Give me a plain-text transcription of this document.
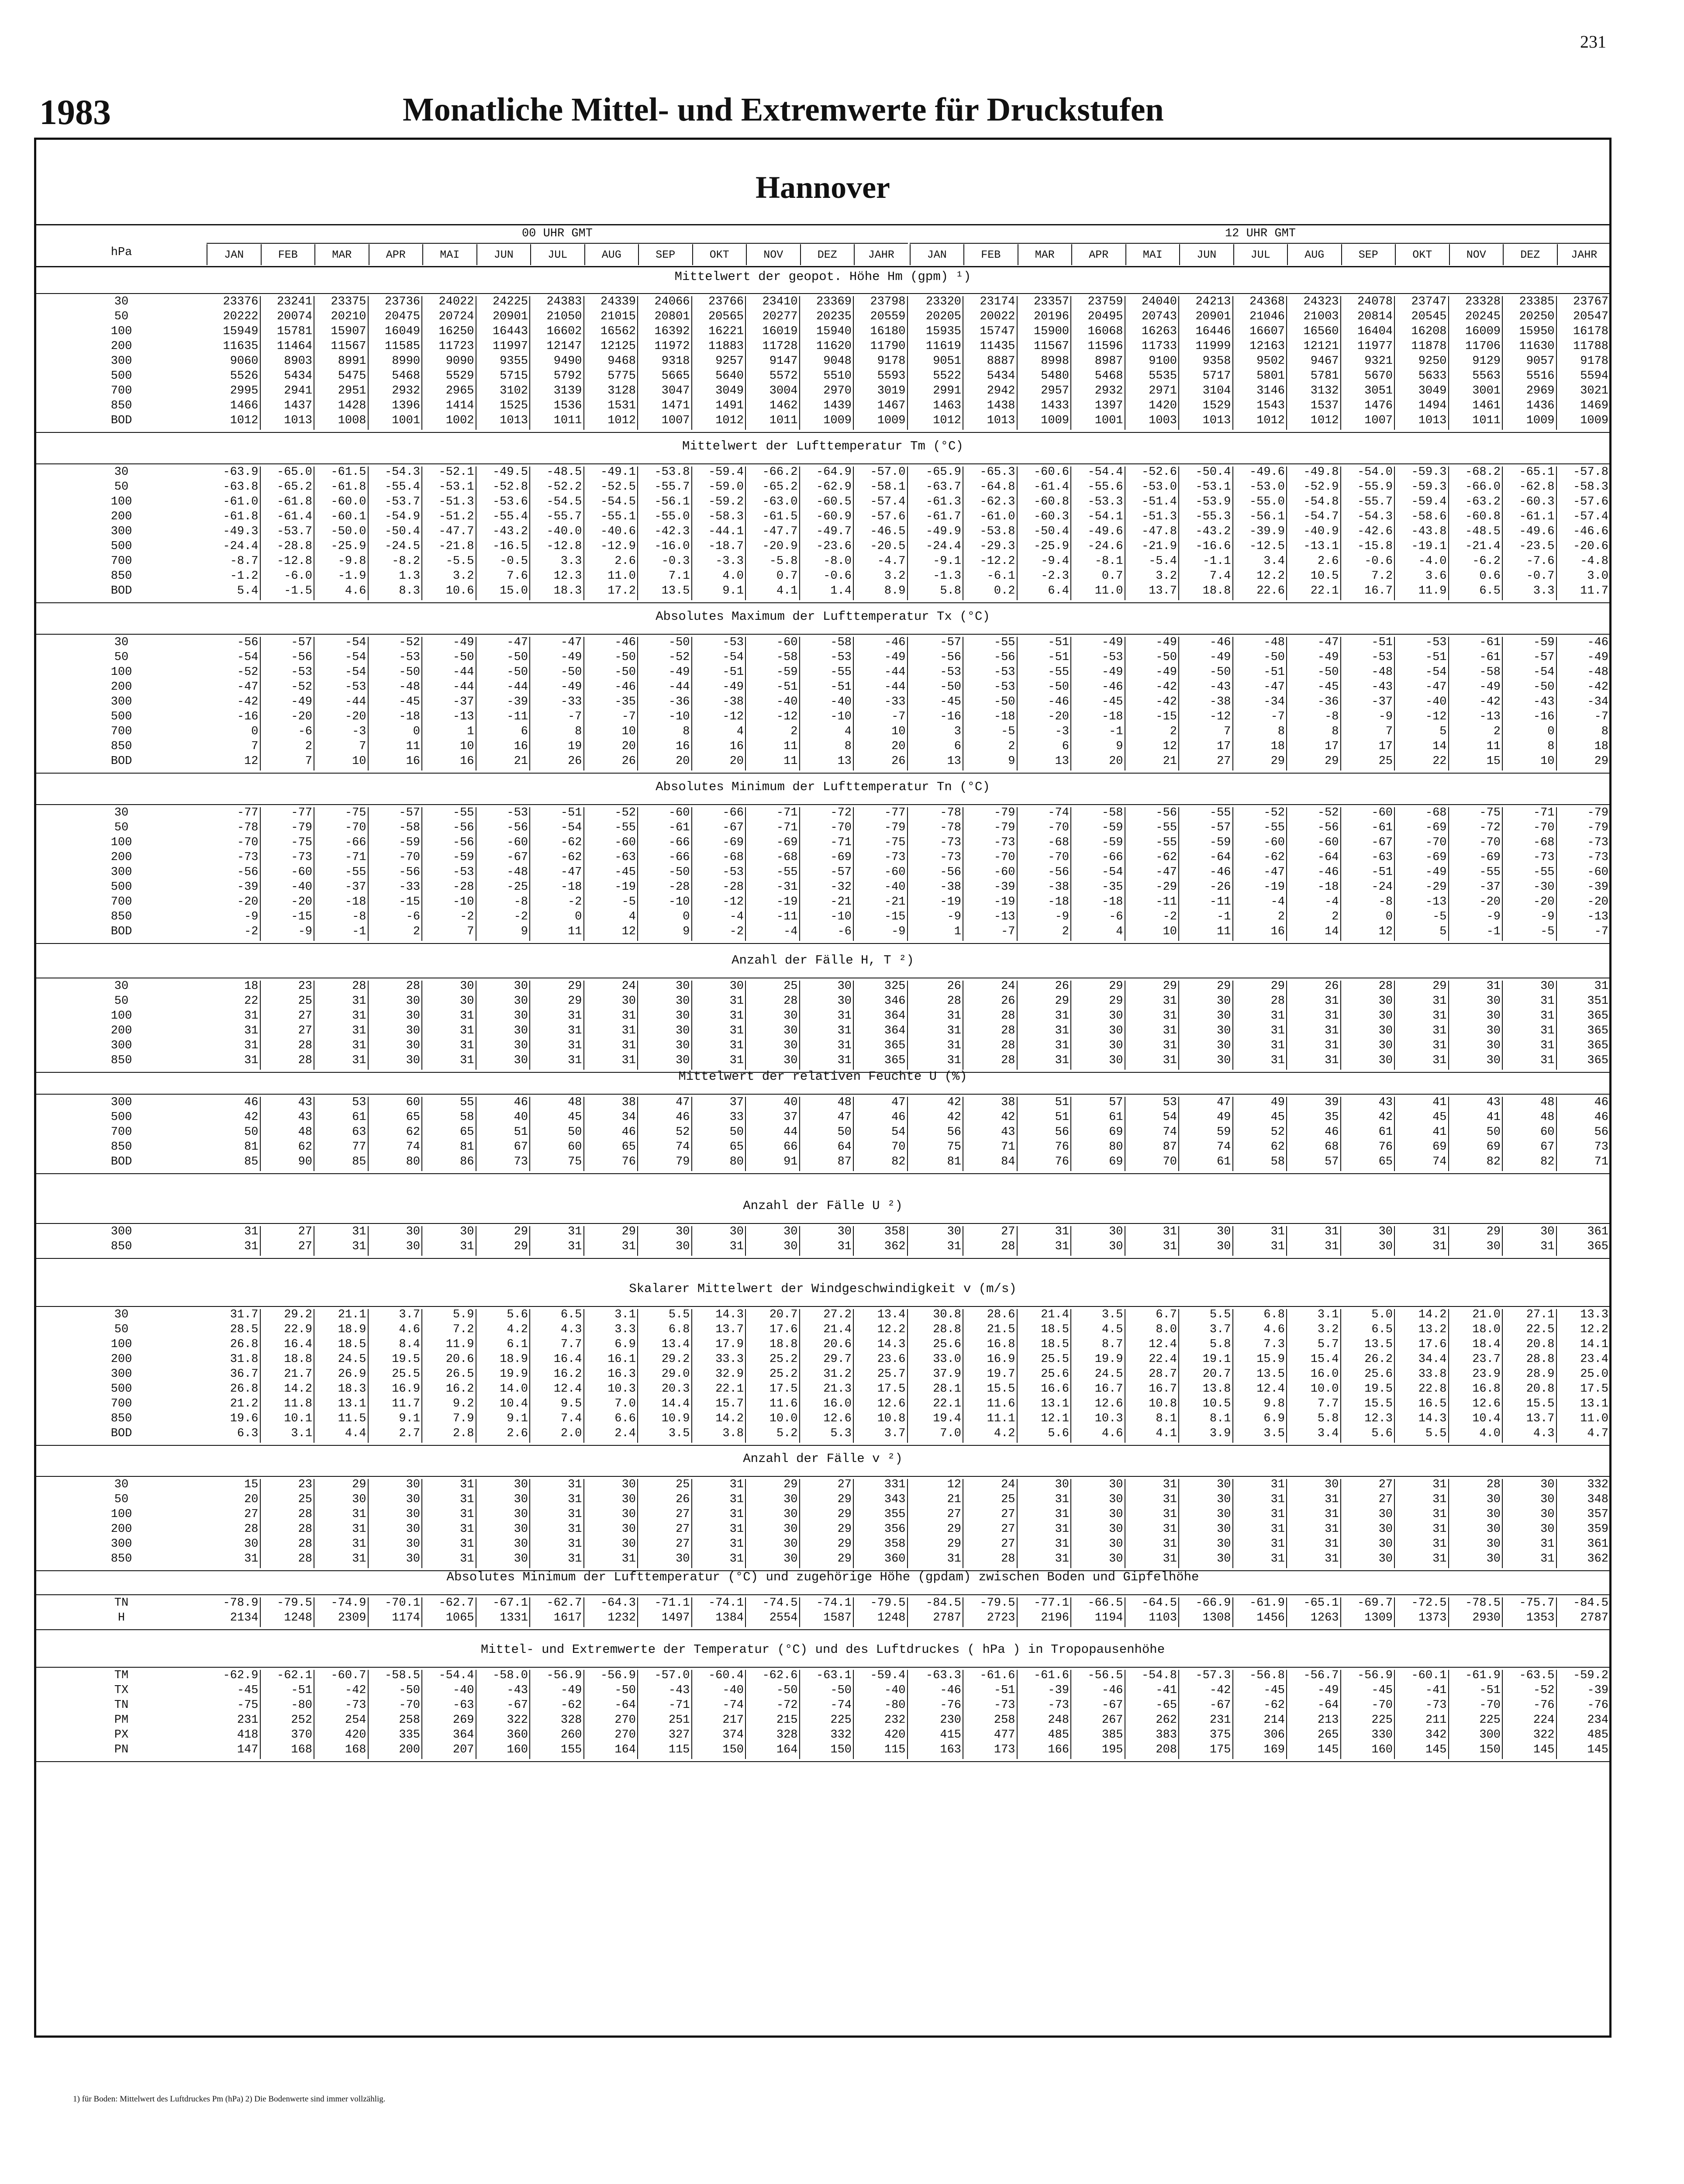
231
1983	Monatliche Mittel- und Extremwerte für Druckstufen
Hannover
hPa
00 UHR GMT	12 UHR GMT
JAN	FEB	MAR	APR	MAI	JUN	JUL	AUG	SEP	OKT	NOV	DEZ	JAHR	JAN	FEB	MAR	APR	MAI	JUN	JUL	AUG	SEP	OKT	NOV	DEZ	JAHR
Mittelwert der geopot. Höhe Hm (gpm) ¹)
30	23376	23241	23375	23736	24022	24225	24383	24339	24066	23766	23410	23369	23798	23320	23174	23357	23759	24040	24213	24368	24323	24078	23747	23328	23385	23767
50	20222	20074	20210	20475	20724	20901	21050	21015	20801	20565	20277	20235	20559	20205	20022	20196	20495	20743	20901	21046	21003	20814	20545	20245	20250	20547
100	15949	15781	15907	16049	16250	16443	16602	16562	16392	16221	16019	15940	16180	15935	15747	15900	16068	16263	16446	16607	16560	16404	16208	16009	15950	16178
200	11635	11464	11567	11585	11723	11997	12147	12125	11972	11883	11728	11620	11790	11619	11435	11567	11596	11733	11999	12163	12121	11977	11878	11706	11630	11788
300	9060	8903	8991	8990	9090	9355	9490	9468	9318	9257	9147	9048	9178	9051	8887	8998	8987	9100	9358	9502	9467	9321	9250	9129	9057	9178
500	5526	5434	5475	5468	5529	5715	5792	5775	5665	5640	5572	5510	5593	5522	5434	5480	5468	5535	5717	5801	5781	5670	5633	5563	5516	5594
700	2995	2941	2951	2932	2965	3102	3139	3128	3047	3049	3004	2970	3019	2991	2942	2957	2932	2971	3104	3146	3132	3051	3049	3001	2969	3021
850	1466	1437	1428	1396	1414	1525	1536	1531	1471	1491	1462	1439	1467	1463	1438	1433	1397	1420	1529	1543	1537	1476	1494	1461	1436	1469
BOD	1012	1013	1008	1001	1002	1013	1011	1012	1007	1012	1011	1009	1009	1012	1013	1009	1001	1003	1013	1012	1012	1007	1013	1011	1009	1009
Mittelwert der Lufttemperatur Tm (°C)
30	-63.9	-65.0	-61.5	-54.3	-52.1	-49.5	-48.5	-49.1	-53.8	-59.4	-66.2	-64.9	-57.0	-65.9	-65.3	-60.6	-54.4	-52.6	-50.4	-49.6	-49.8	-54.0	-59.3	-68.2	-65.1	-57.8
50	-63.8	-65.2	-61.8	-55.4	-53.1	-52.8	-52.2	-52.5	-55.7	-59.0	-65.2	-62.9	-58.1	-63.7	-64.8	-61.4	-55.6	-53.0	-53.1	-53.0	-52.9	-55.9	-59.3	-66.0	-62.8	-58.3
100	-61.0	-61.8	-60.0	-53.7	-51.3	-53.6	-54.5	-54.5	-56.1	-59.2	-63.0	-60.5	-57.4	-61.3	-62.3	-60.8	-53.3	-51.4	-53.9	-55.0	-54.8	-55.7	-59.4	-63.2	-60.3	-57.6
200	-61.8	-61.4	-60.1	-54.9	-51.2	-55.4	-55.7	-55.1	-55.0	-58.3	-61.5	-60.9	-57.6	-61.7	-61.0	-60.3	-54.1	-51.3	-55.3	-56.1	-54.7	-54.3	-58.6	-60.8	-61.1	-57.4
300	-49.3	-53.7	-50.0	-50.4	-47.7	-43.2	-40.0	-40.6	-42.3	-44.1	-47.7	-49.7	-46.5	-49.9	-53.8	-50.4	-49.6	-47.8	-43.2	-39.9	-40.9	-42.6	-43.8	-48.5	-49.6	-46.6
500	-24.4	-28.8	-25.9	-24.5	-21.8	-16.5	-12.8	-12.9	-16.0	-18.7	-20.9	-23.6	-20.5	-24.4	-29.3	-25.9	-24.6	-21.9	-16.6	-12.5	-13.1	-15.8	-19.1	-21.4	-23.5	-20.6
700	-8.7	-12.8	-9.8	-8.2	-5.5	-0.5	3.3	2.6	-0.3	-3.3	-5.8	-8.0	-4.7	-9.1	-12.2	-9.4	-8.1	-5.4	-1.1	3.4	2.6	-0.6	-4.0	-6.2	-7.6	-4.8
850	-1.2	-6.0	-1.9	1.3	3.2	7.6	12.3	11.0	7.1	4.0	0.7	-0.6	3.2	-1.3	-6.1	-2.3	0.7	3.2	7.4	12.2	10.5	7.2	3.6	0.6	-0.7	3.0
BOD	5.4	-1.5	4.6	8.3	10.6	15.0	18.3	17.2	13.5	9.1	4.1	1.4	8.9	5.8	0.2	6.4	11.0	13.7	18.8	22.6	22.1	16.7	11.9	6.5	3.3	11.7
Absolutes Maximum der Lufttemperatur Tx (°C)
30	-56	-57	-54	-52	-49	-47	-47	-46	-50	-53	-60	-58	-46	-57	-55	-51	-49	-49	-46	-48	-47	-51	-53	-61	-59	-46
50	-54	-56	-54	-53	-50	-50	-49	-50	-52	-54	-58	-53	-49	-56	-56	-51	-53	-50	-49	-50	-49	-53	-51	-61	-57	-49
100	-52	-53	-54	-50	-44	-50	-50	-50	-49	-51	-59	-55	-44	-53	-53	-55	-49	-49	-50	-51	-50	-48	-54	-58	-54	-48
200	-47	-52	-53	-48	-44	-44	-49	-46	-44	-49	-51	-51	-44	-50	-53	-50	-46	-42	-43	-47	-45	-43	-47	-49	-50	-42
300	-42	-49	-44	-45	-37	-39	-33	-35	-36	-38	-40	-40	-33	-45	-50	-46	-45	-42	-38	-34	-36	-37	-40	-42	-43	-34
500	-16	-20	-20	-18	-13	-11	-7	-7	-10	-12	-12	-10	-7	-16	-18	-20	-18	-15	-12	-7	-8	-9	-12	-13	-16	-7
700	0	-6	-3	0	1	6	8	10	8	4	2	4	10	3	-5	-3	-1	2	7	8	8	7	5	2	0	8
850	7	2	7	11	10	16	19	20	16	16	11	8	20	6	2	6	9	12	17	18	17	17	14	11	8	18
BOD	12	7	10	16	16	21	26	26	20	20	11	13	26	13	9	13	20	21	27	29	29	25	22	15	10	29
Absolutes Minimum der Lufttemperatur Tn (°C)
30	-77	-77	-75	-57	-55	-53	-51	-52	-60	-66	-71	-72	-77	-78	-79	-74	-58	-56	-55	-52	-52	-60	-68	-75	-71	-79
50	-78	-79	-70	-58	-56	-56	-54	-55	-61	-67	-71	-70	-79	-78	-79	-70	-59	-55	-57	-55	-56	-61	-69	-72	-70	-79
100	-70	-75	-66	-59	-56	-60	-62	-60	-66	-69	-69	-71	-75	-73	-73	-68	-59	-55	-59	-60	-60	-67	-70	-70	-68	-73
200	-73	-73	-71	-70	-59	-67	-62	-63	-66	-68	-68	-69	-73	-73	-70	-70	-66	-62	-64	-62	-64	-63	-69	-69	-73	-73
300	-56	-60	-55	-56	-53	-48	-47	-45	-50	-53	-55	-57	-60	-56	-60	-56	-54	-47	-46	-47	-46	-51	-49	-55	-55	-60
500	-39	-40	-37	-33	-28	-25	-18	-19	-28	-28	-31	-32	-40	-38	-39	-38	-35	-29	-26	-19	-18	-24	-29	-37	-30	-39
700	-20	-20	-18	-15	-10	-8	-2	-5	-10	-12	-19	-21	-21	-19	-19	-18	-18	-11	-11	-4	-4	-8	-13	-20	-20	-20
850	-9	-15	-8	-6	-2	-2	0	4	0	-4	-11	-10	-15	-9	-13	-9	-6	-2	-1	2	2	0	-5	-9	-9	-13
BOD	-2	-9	-1	2	7	9	11	12	9	-2	-4	-6	-9	1	-7	2	4	10	11	16	14	12	5	-1	-5	-7
Anzahl der Fälle H, T ²)
30	18	23	28	28	30	30	29	24	30	30	25	30	325	26	24	26	29	29	29	29	26	28	29	31	30	31
50	22	25	31	30	30	30	29	30	30	31	28	30	346	28	26	29	29	31	30	28	31	30	31	30	31	351
100	31	27	31	30	31	30	31	31	30	31	30	31	364	31	28	31	30	31	30	31	31	30	31	30	31	365
200	31	27	31	30	31	30	31	31	30	31	30	31	364	31	28	31	30	31	30	31	31	30	31	30	31	365
300	31	28	31	30	31	30	31	31	30	31	30	31	365	31	28	31	30	31	30	31	31	30	31	30	31	365
850	31	28	31	30	31	30	31	31	30	31	30	31	365	31	28	31	30	31	30	31	31	30	31	30	31	365
Mittelwert der relativen Feuchte U (%)
300	46	43	53	60	55	46	48	38	47	37	40	48	47	42	38	51	57	53	47	49	39	43	41	43	48	46
500	42	43	61	65	58	40	45	34	46	33	37	47	46	42	42	51	61	54	49	45	35	42	45	41	48	46
700	50	48	63	62	65	51	50	46	52	50	44	50	54	56	43	56	69	74	59	52	46	61	41	50	60	56
850	81	62	77	74	81	67	60	65	74	65	66	64	70	75	71	76	80	87	74	62	68	76	69	69	67	73
BOD	85	90	85	80	86	73	75	76	79	80	91	87	82	81	84	76	69	70	61	58	57	65	74	82	82	71
Anzahl der Fälle U ²)
300	31	27	31	30	30	29	31	29	30	30	30	30	358	30	27	31	30	31	30	31	31	30	31	29	30	361
850	31	27	31	30	31	29	31	31	30	31	30	31	362	31	28	31	30	31	30	31	31	30	31	30	31	365
Skalarer Mittelwert der Windgeschwindigkeit v (m/s)
30	31.7	29.2	21.1	3.7	5.9	5.6	6.5	3.1	5.5	14.3	20.7	27.2	13.4	30.8	28.6	21.4	3.5	6.7	5.5	6.8	3.1	5.0	14.2	21.0	27.1	13.3
50	28.5	22.9	18.9	4.6	7.2	4.2	4.3	3.3	6.8	13.7	17.6	21.4	12.2	28.8	21.5	18.5	4.5	8.0	3.7	4.6	3.2	6.5	13.2	18.0	22.5	12.2
100	26.8	16.4	18.5	8.4	11.9	6.1	7.7	6.9	13.4	17.9	18.8	20.6	14.3	25.6	16.8	18.5	8.7	12.4	5.8	7.3	5.7	13.5	17.6	18.4	20.8	14.1
200	31.8	18.8	24.5	19.5	20.6	18.9	16.4	16.1	29.2	33.3	25.2	29.7	23.6	33.0	16.9	25.5	19.9	22.4	19.1	15.9	15.4	26.2	34.4	23.7	28.8	23.4
300	36.7	21.7	26.9	25.5	26.5	19.9	16.2	16.3	29.0	32.9	25.2	31.2	25.7	37.9	19.7	25.6	24.5	28.7	20.7	13.5	16.0	25.6	33.8	23.9	28.9	25.0
500	26.8	14.2	18.3	16.9	16.2	14.0	12.4	10.3	20.3	22.1	17.5	21.3	17.5	28.1	15.5	16.6	16.7	16.7	13.8	12.4	10.0	19.5	22.8	16.8	20.8	17.5
700	21.2	11.8	13.1	11.7	9.2	10.4	9.5	7.0	14.4	15.7	11.6	16.0	12.6	22.1	11.6	13.1	12.6	10.8	10.5	9.8	7.7	15.5	16.5	12.6	15.5	13.1
850	19.6	10.1	11.5	9.1	7.9	9.1	7.4	6.6	10.9	14.2	10.0	12.6	10.8	19.4	11.1	12.1	10.3	8.1	8.1	6.9	5.8	12.3	14.3	10.4	13.7	11.0
BOD	6.3	3.1	4.4	2.7	2.8	2.6	2.0	2.4	3.5	3.8	5.2	5.3	3.7	7.0	4.2	5.6	4.6	4.1	3.9	3.5	3.4	5.6	5.5	4.0	4.3	4.7
Anzahl der Fälle v ²)
30	15	23	29	30	31	30	31	30	25	31	29	27	331	12	24	30	30	31	30	31	30	27	31	28	30	332
50	20	25	30	30	31	30	31	30	26	31	30	29	343	21	25	31	30	31	30	31	31	27	31	30	30	348
100	27	28	31	30	31	30	31	30	27	31	30	29	355	27	27	31	30	31	30	31	31	30	31	30	30	357
200	28	28	31	30	31	30	31	30	27	31	30	29	356	29	27	31	30	31	30	31	31	30	31	30	30	359
300	30	28	31	30	31	30	31	30	27	31	30	29	358	29	27	31	30	31	30	31	31	30	31	30	31	361
850	31	28	31	30	31	30	31	31	30	31	30	29	360	31	28	31	30	31	30	31	31	30	31	30	31	362
Absolutes Minimum der Lufttemperatur (°C) und zugehörige Höhe (gpdam) zwischen Boden und Gipfelhöhe
TN	-78.9	-79.5	-74.9	-70.1	-62.7	-67.1	-62.7	-64.3	-71.1	-74.1	-74.5	-74.1	-79.5	-84.5	-79.5	-77.1	-66.5	-64.5	-66.9	-61.9	-65.1	-69.7	-72.5	-78.5	-75.7	-84.5
H	2134	1248	2309	1174	1065	1331	1617	1232	1497	1384	2554	1587	1248	2787	2723	2196	1194	1103	1308	1456	1263	1309	1373	2930	1353	2787
Mittel- und Extremwerte der Temperatur (°C) und des Luftdruckes ( hPa ) in Tropopausenhöhe
TM	-62.9	-62.1	-60.7	-58.5	-54.4	-58.0	-56.9	-56.9	-57.0	-60.4	-62.6	-63.1	-59.4	-63.3	-61.6	-61.6	-56.5	-54.8	-57.3	-56.8	-56.7	-56.9	-60.1	-61.9	-63.5	-59.2
TX	-45	-51	-42	-50	-40	-43	-49	-50	-43	-40	-50	-50	-40	-46	-51	-39	-46	-41	-42	-45	-49	-45	-41	-51	-52	-39
TN	-75	-80	-73	-70	-63	-67	-62	-64	-71	-74	-72	-74	-80	-76	-73	-73	-67	-65	-67	-62	-64	-70	-73	-70	-76	-76
PM	231	252	254	258	269	322	328	270	251	217	215	225	232	230	258	248	267	262	231	214	213	225	211	225	224	234
PX	418	370	420	335	364	360	260	270	327	374	328	332	420	415	477	485	385	383	375	306	265	330	342	300	322	485
PN	147	168	168	200	207	160	155	164	115	150	164	150	115	163	173	166	195	208	175	169	145	160	145	150	145	145
1) für Boden: Mittelwert des Luftdruckes Pm (hPa) 2) Die Bodenwerte sind immer vollzählig.
